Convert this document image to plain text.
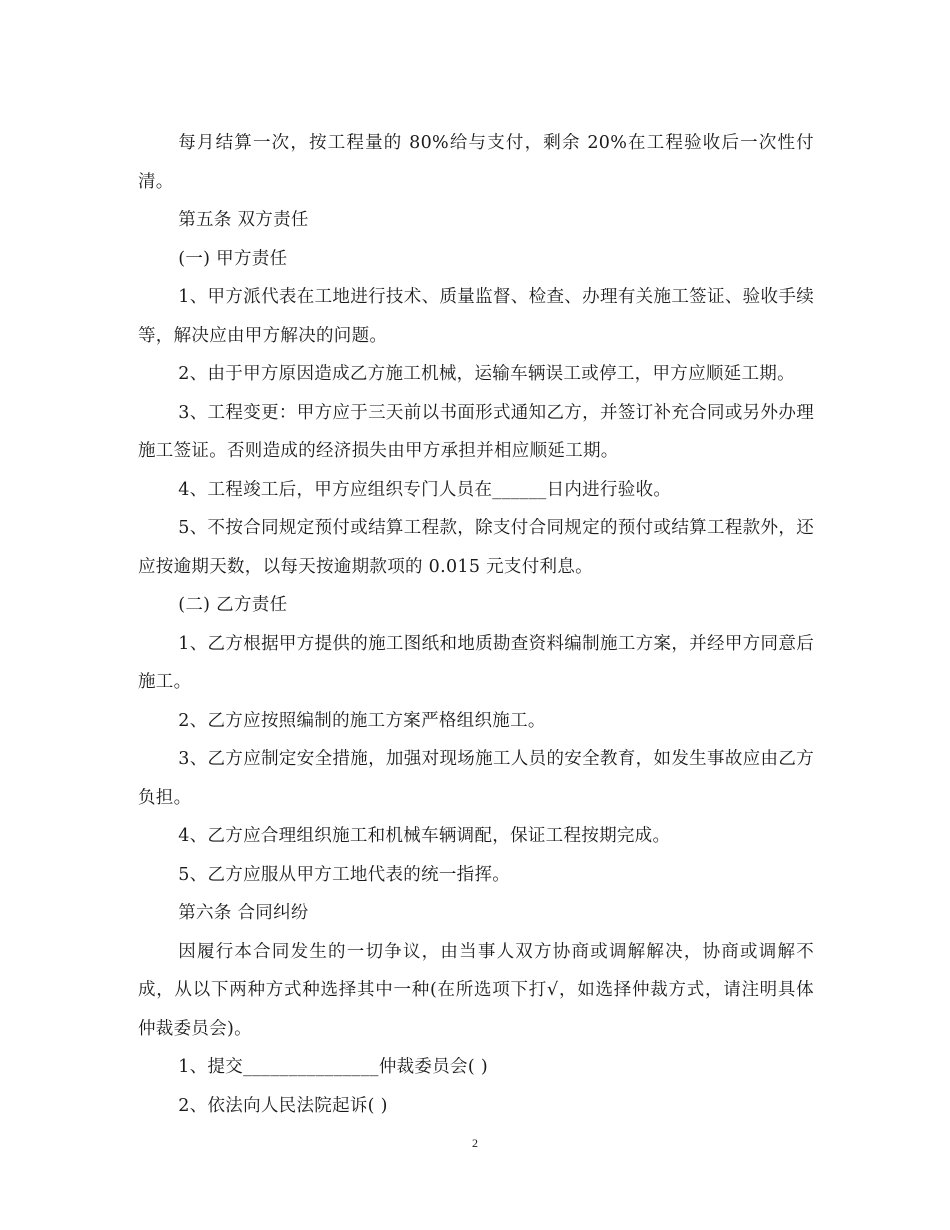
每月结算一次，按工程量的 80%给与支付，剩余 20%在工程验收后一次性付清。

第五条 双方责任

(一) 甲方责任

1、甲方派代表在工地进行技术、质量监督、检查、办理有关施工签证、验收手续等，解决应由甲方解决的问题。

2、由于甲方原因造成乙方施工机械，运输车辆误工或停工，甲方应顺延工期。

3、工程变更：甲方应于三天前以书面形式通知乙方，并签订补充合同或另外办理施工签证。否则造成的经济损失由甲方承担并相应顺延工期。

4、工程竣工后，甲方应组织专门人员在______日内进行验收。

5、不按合同规定预付或结算工程款，除支付合同规定的预付或结算工程款外，还应按逾期天数，以每天按逾期款项的 0.015 元支付利息。

(二) 乙方责任

1、乙方根据甲方提供的施工图纸和地质勘查资料编制施工方案，并经甲方同意后施工。

2、乙方应按照编制的施工方案严格组织施工。

3、乙方应制定安全措施，加强对现场施工人员的安全教育，如发生事故应由乙方负担。

4、乙方应合理组织施工和机械车辆调配，保证工程按期完成。

5、乙方应服从甲方工地代表的统一指挥。

第六条 合同纠纷

因履行本合同发生的一切争议，由当事人双方协商或调解解决，协商或调解不成，从以下两种方式种选择其中一种(在所选项下打√，如选择仲裁方式，请注明具体仲裁委员会)。

1、提交_______________仲裁委员会( )

2、依法向人民法院起诉( )

2
